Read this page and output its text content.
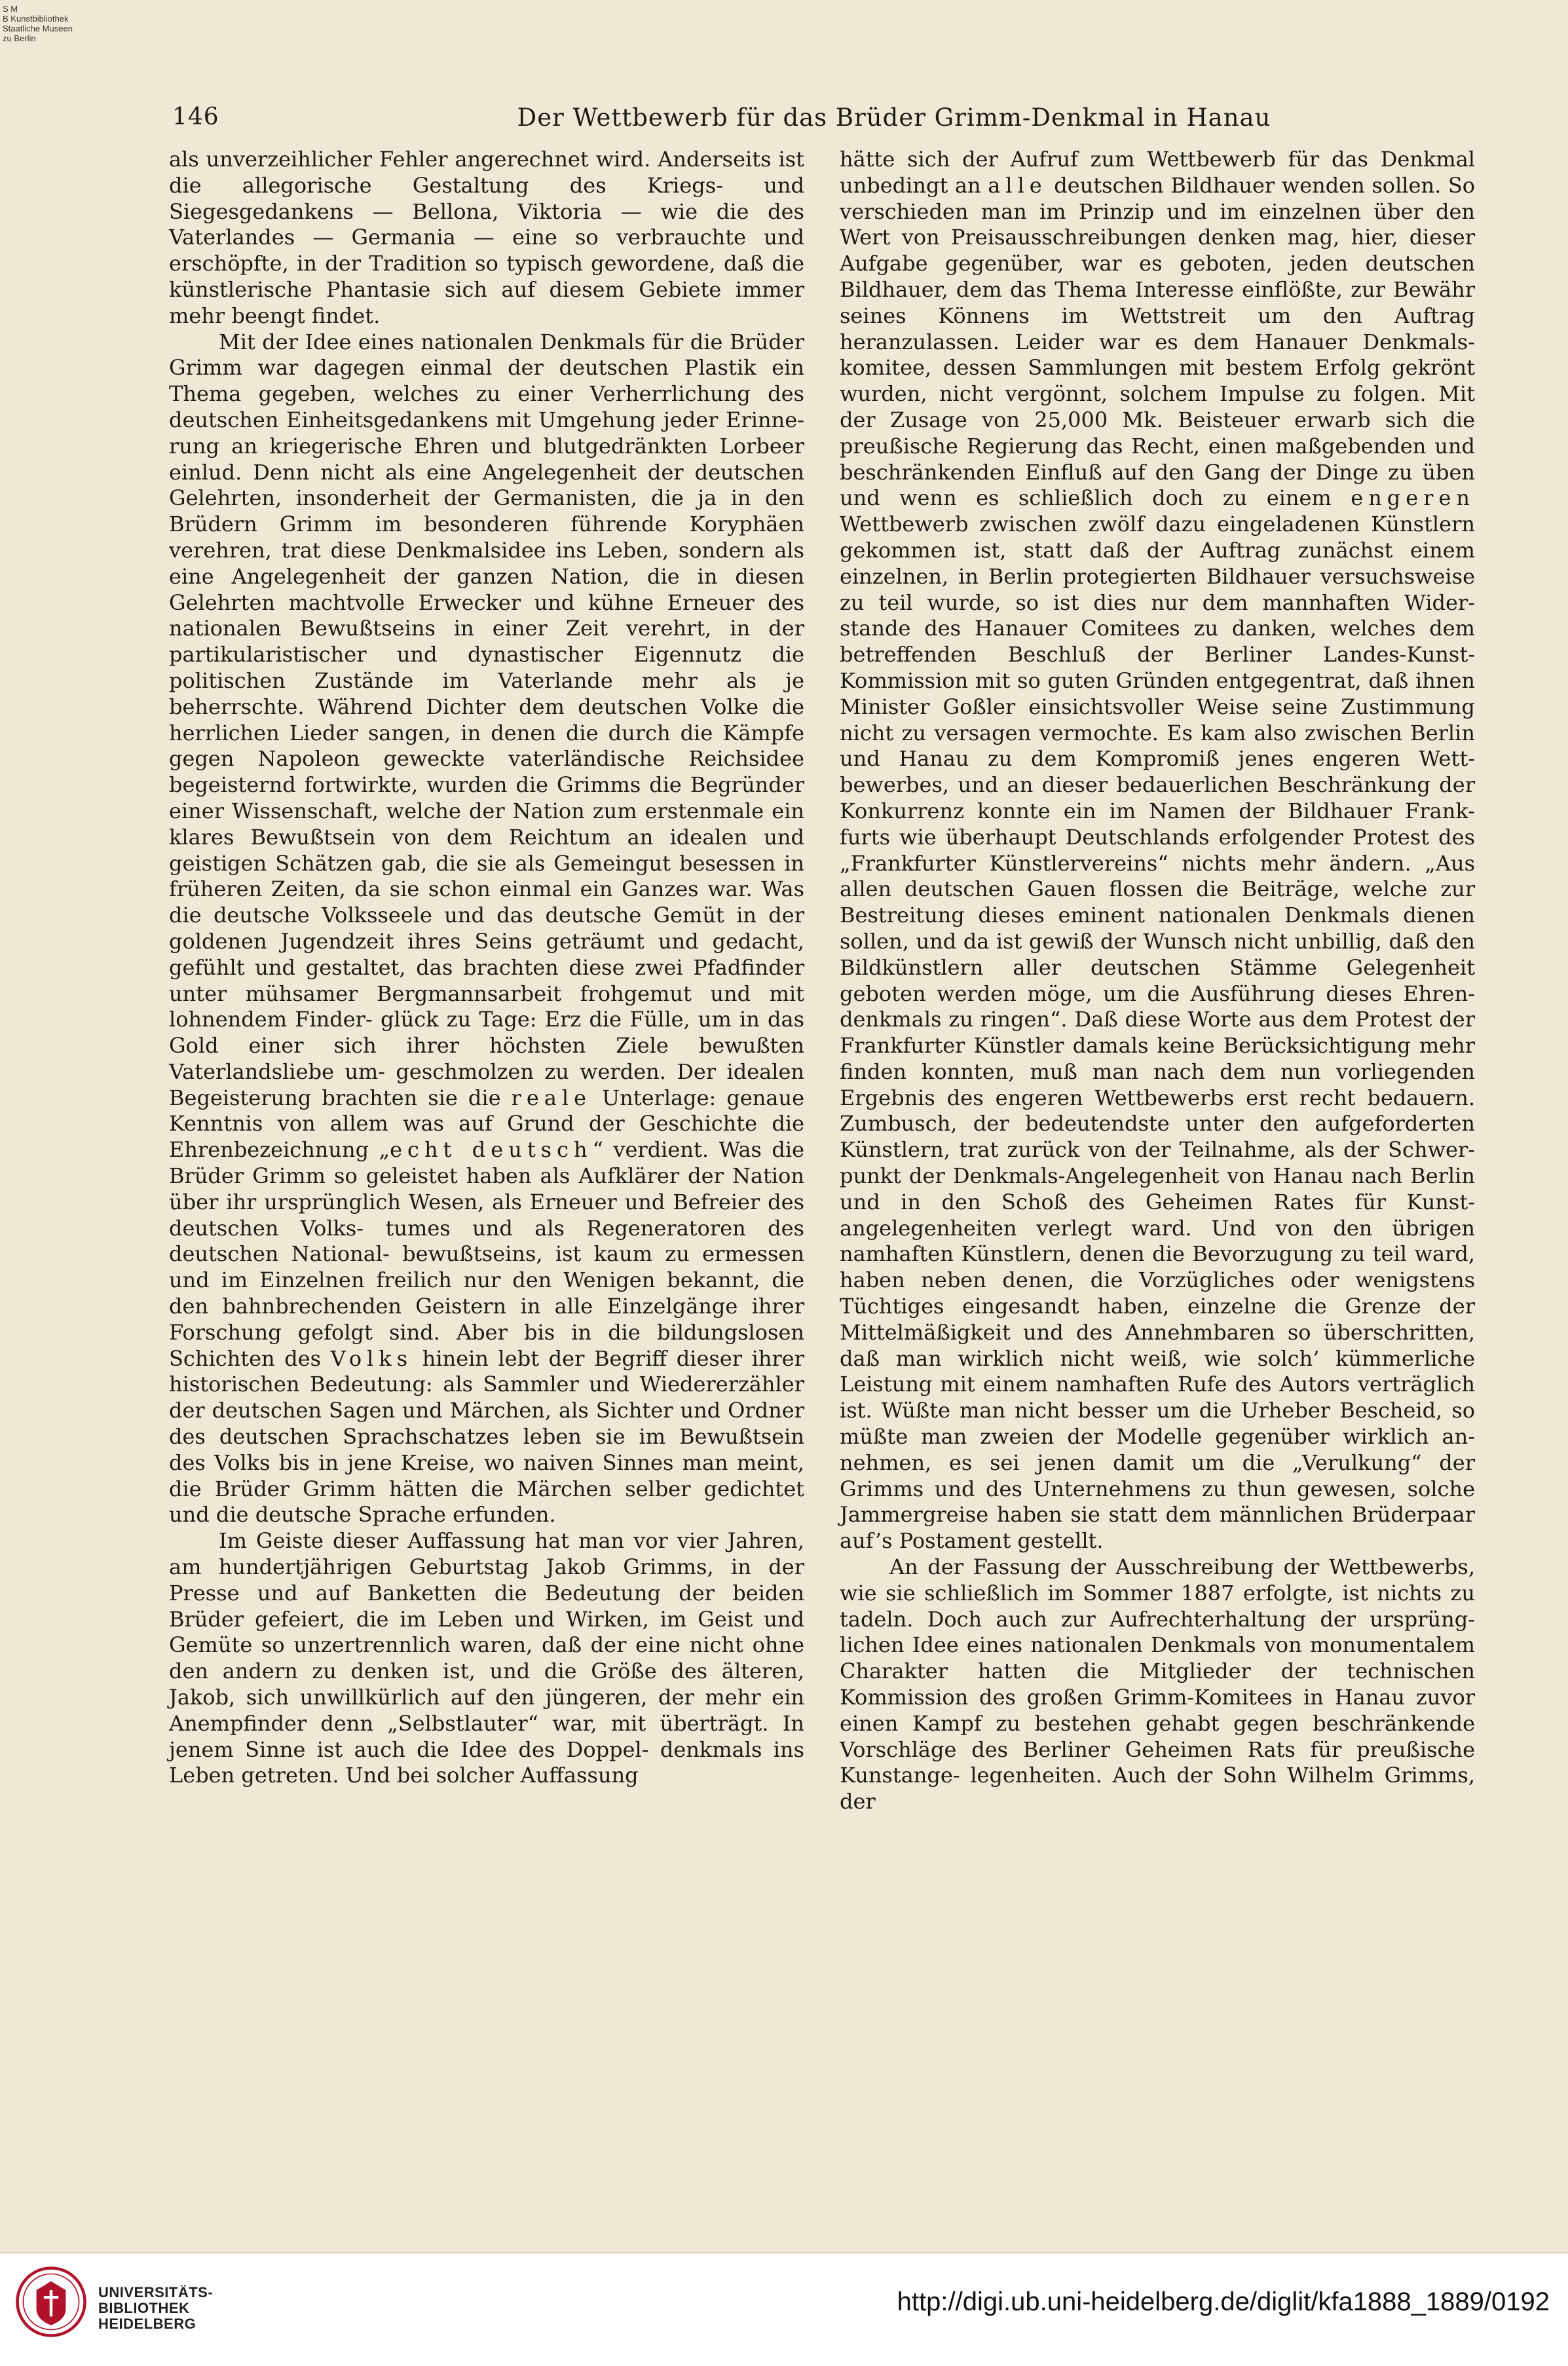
S M
B Kunstbibliothek
Staatliche Museen
zu Berlin
146	Der Wettbewerb für das Brüder Grimm-Denkmal in Hanau

als unverzeihlicher Fehler angerechnet wird. Anderseits ist die allegorische Gestaltung des Kriegs- und Siegesgedankens — Bellona, Viktoria — wie die des Vaterlandes — Germania — eine so verbrauchte und erschöpfte, in der Tradition so typisch gewordene, daß die künstlerische Phantasie sich auf diesem Gebiete immer mehr beengt findet.

Mit der Idee eines nationalen Denkmals für die Brüder Grimm war dagegen einmal der deutschen Plastik ein Thema gegeben, welches zu einer Verherrlichung des deutschen Einheitsgedankens mit Umgehung jeder Erinne- rung an kriegerische Ehren und blutgedränkten Lorbeer einlud. Denn nicht als eine Angelegenheit der deutschen Gelehrten, insonderheit der Germanisten, die ja in den Brüdern Grimm im besonderen führende Koryphäen verehren, trat diese Denkmalsidee ins Leben, sondern als eine Angelegenheit der ganzen Nation, die in diesen Gelehrten machtvolle Erwecker und kühne Erneuer des nationalen Bewußtseins in einer Zeit verehrt, in der partikularistischer und dynastischer Eigennutz die politischen Zustände im Vaterlande mehr als je beherrschte. Während Dichter dem deutschen Volke die herrlichen Lieder sangen, in denen die durch die Kämpfe gegen Napoleon geweckte vaterländische Reichsidee begeisternd fortwirkte, wurden die Grimms die Begründer einer Wissenschaft, welche der Nation zum erstenmale ein klares Bewußtsein von dem Reichtum an idealen und geistigen Schätzen gab, die sie als Gemeingut besessen in früheren Zeiten, da sie schon einmal ein Ganzes war. Was die deutsche Volksseele und das deutsche Gemüt in der goldenen Jugendzeit ihres Seins geträumt und gedacht, gefühlt und gestaltet, das brachten diese zwei Pfadfinder unter mühsamer Bergmannsarbeit frohgemut und mit lohnendem Finder- glück zu Tage: Erz die Fülle, um in das Gold einer sich ihrer höchsten Ziele bewußten Vaterlandsliebe um- geschmolzen zu werden. Der idealen Begeisterung brachten sie die reale Unterlage: genaue Kenntnis von allem was auf Grund der Geschichte die Ehrenbezeichnung „echt deutsch“ verdient. Was die Brüder Grimm so geleistet haben als Aufklärer der Nation über ihr ursprünglich Wesen, als Erneuer und Befreier des deutschen Volks- tumes und als Regeneratoren des deutschen National- bewußtseins, ist kaum zu ermessen und im Einzelnen freilich nur den Wenigen bekannt, die den bahnbrechenden Geistern in alle Einzelgänge ihrer Forschung gefolgt sind. Aber bis in die bildungslosen Schichten des Volks hinein lebt der Begriff dieser ihrer historischen Bedeutung: als Sammler und Wiedererzähler der deutschen Sagen und Märchen, als Sichter und Ordner des deutschen Sprachschatzes leben sie im Bewußtsein des Volks bis in jene Kreise, wo naiven Sinnes man meint, die Brüder Grimm hätten die Märchen selber gedichtet und die deutsche Sprache erfunden.

Im Geiste dieser Auffassung hat man vor vier Jahren, am hundertjährigen Geburtstag Jakob Grimms, in der Presse und auf Banketten die Bedeutung der beiden Brüder gefeiert, die im Leben und Wirken, im Geist und Gemüte so unzertrennlich waren, daß der eine nicht ohne den andern zu denken ist, und die Größe des älteren, Jakob, sich unwillkürlich auf den jüngeren, der mehr ein Anempfinder denn „Selbstlauter“ war, mit überträgt. In jenem Sinne ist auch die Idee des Doppel- denkmals ins Leben getreten. Und bei solcher Auffassung

hätte sich der Aufruf zum Wettbewerb für das Denkmal unbedingt an alle deutschen Bildhauer wenden sollen. So verschieden man im Prinzip und im einzelnen über den Wert von Preisausschreibungen denken mag, hier, dieser Aufgabe gegenüber, war es geboten, jeden deutschen Bildhauer, dem das Thema Interesse einflößte, zur Bewähr seines Könnens im Wettstreit um den Auftrag heranzulassen. Leider war es dem Hanauer Denkmals- komitee, dessen Sammlungen mit bestem Erfolg gekrönt wurden, nicht vergönnt, solchem Impulse zu folgen. Mit der Zusage von 25,000 Mk. Beisteuer erwarb sich die preußische Regierung das Recht, einen maßgebenden und beschränkenden Einfluß auf den Gang der Dinge zu üben und wenn es schließlich doch zu einem engeren Wettbewerb zwischen zwölf dazu eingeladenen Künstlern gekommen ist, statt daß der Auftrag zunächst einem einzelnen, in Berlin protegierten Bildhauer versuchsweise zu teil wurde, so ist dies nur dem mannhaften Wider- stande des Hanauer Comitees zu danken, welches dem betreffenden Beschluß der Berliner Landes-Kunst-Kommission mit so guten Gründen entgegentrat, daß ihnen Minister Goßler einsichtsvoller Weise seine Zustimmung nicht zu versagen vermochte. Es kam also zwischen Berlin und Hanau zu dem Kompromiß jenes engeren Wett- bewerbes, und an dieser bedauerlichen Beschränkung der Konkurrenz konnte ein im Namen der Bildhauer Frank- furts wie überhaupt Deutschlands erfolgender Protest des „Frankfurter Künstlervereins“ nichts mehr ändern. „Aus allen deutschen Gauen flossen die Beiträge, welche zur Bestreitung dieses eminent nationalen Denkmals dienen sollen, und da ist gewiß der Wunsch nicht unbillig, daß den Bildkünstlern aller deutschen Stämme Gelegenheit geboten werden möge, um die Ausführung dieses Ehren- denkmals zu ringen“. Daß diese Worte aus dem Protest der Frankfurter Künstler damals keine Berücksichtigung mehr finden konnten, muß man nach dem nun vorliegenden Ergebnis des engeren Wettbewerbs erst recht bedauern. Zumbusch, der bedeutendste unter den aufgeforderten Künstlern, trat zurück von der Teilnahme, als der Schwer- punkt der Denkmals-Angelegenheit von Hanau nach Berlin und in den Schoß des Geheimen Rates für Kunst- angelegenheiten verlegt ward. Und von den übrigen namhaften Künstlern, denen die Bevorzugung zu teil ward, haben neben denen, die Vorzügliches oder wenigstens Tüchtiges eingesandt haben, einzelne die Grenze der Mittelmäßigkeit und des Annehmbaren so überschritten, daß man wirklich nicht weiß, wie solch’ kümmerliche Leistung mit einem namhaften Rufe des Autors verträglich ist. Wüßte man nicht besser um die Urheber Bescheid, so müßte man zweien der Modelle gegenüber wirklich an- nehmen, es sei jenen damit um die „Verulkung“ der Grimms und des Unternehmens zu thun gewesen, solche Jammergreise haben sie statt dem männlichen Brüderpaar auf’s Postament gestellt.

An der Fassung der Ausschreibung der Wettbewerbs, wie sie schließlich im Sommer 1887 erfolgte, ist nichts zu tadeln. Doch auch zur Aufrechterhaltung der ursprüng- lichen Idee eines nationalen Denkmals von monumentalem Charakter hatten die Mitglieder der technischen Kommission des großen Grimm-Komitees in Hanau zuvor einen Kampf zu bestehen gehabt gegen beschränkende Vorschläge des Berliner Geheimen Rats für preußische Kunstange- legenheiten. Auch der Sohn Wilhelm Grimms, der

UNIVERSITÄTS-
BIBLIOTHEK
HEIDELBERG
http://digi.ub.uni-heidelberg.de/diglit/kfa1888_1889/0192
